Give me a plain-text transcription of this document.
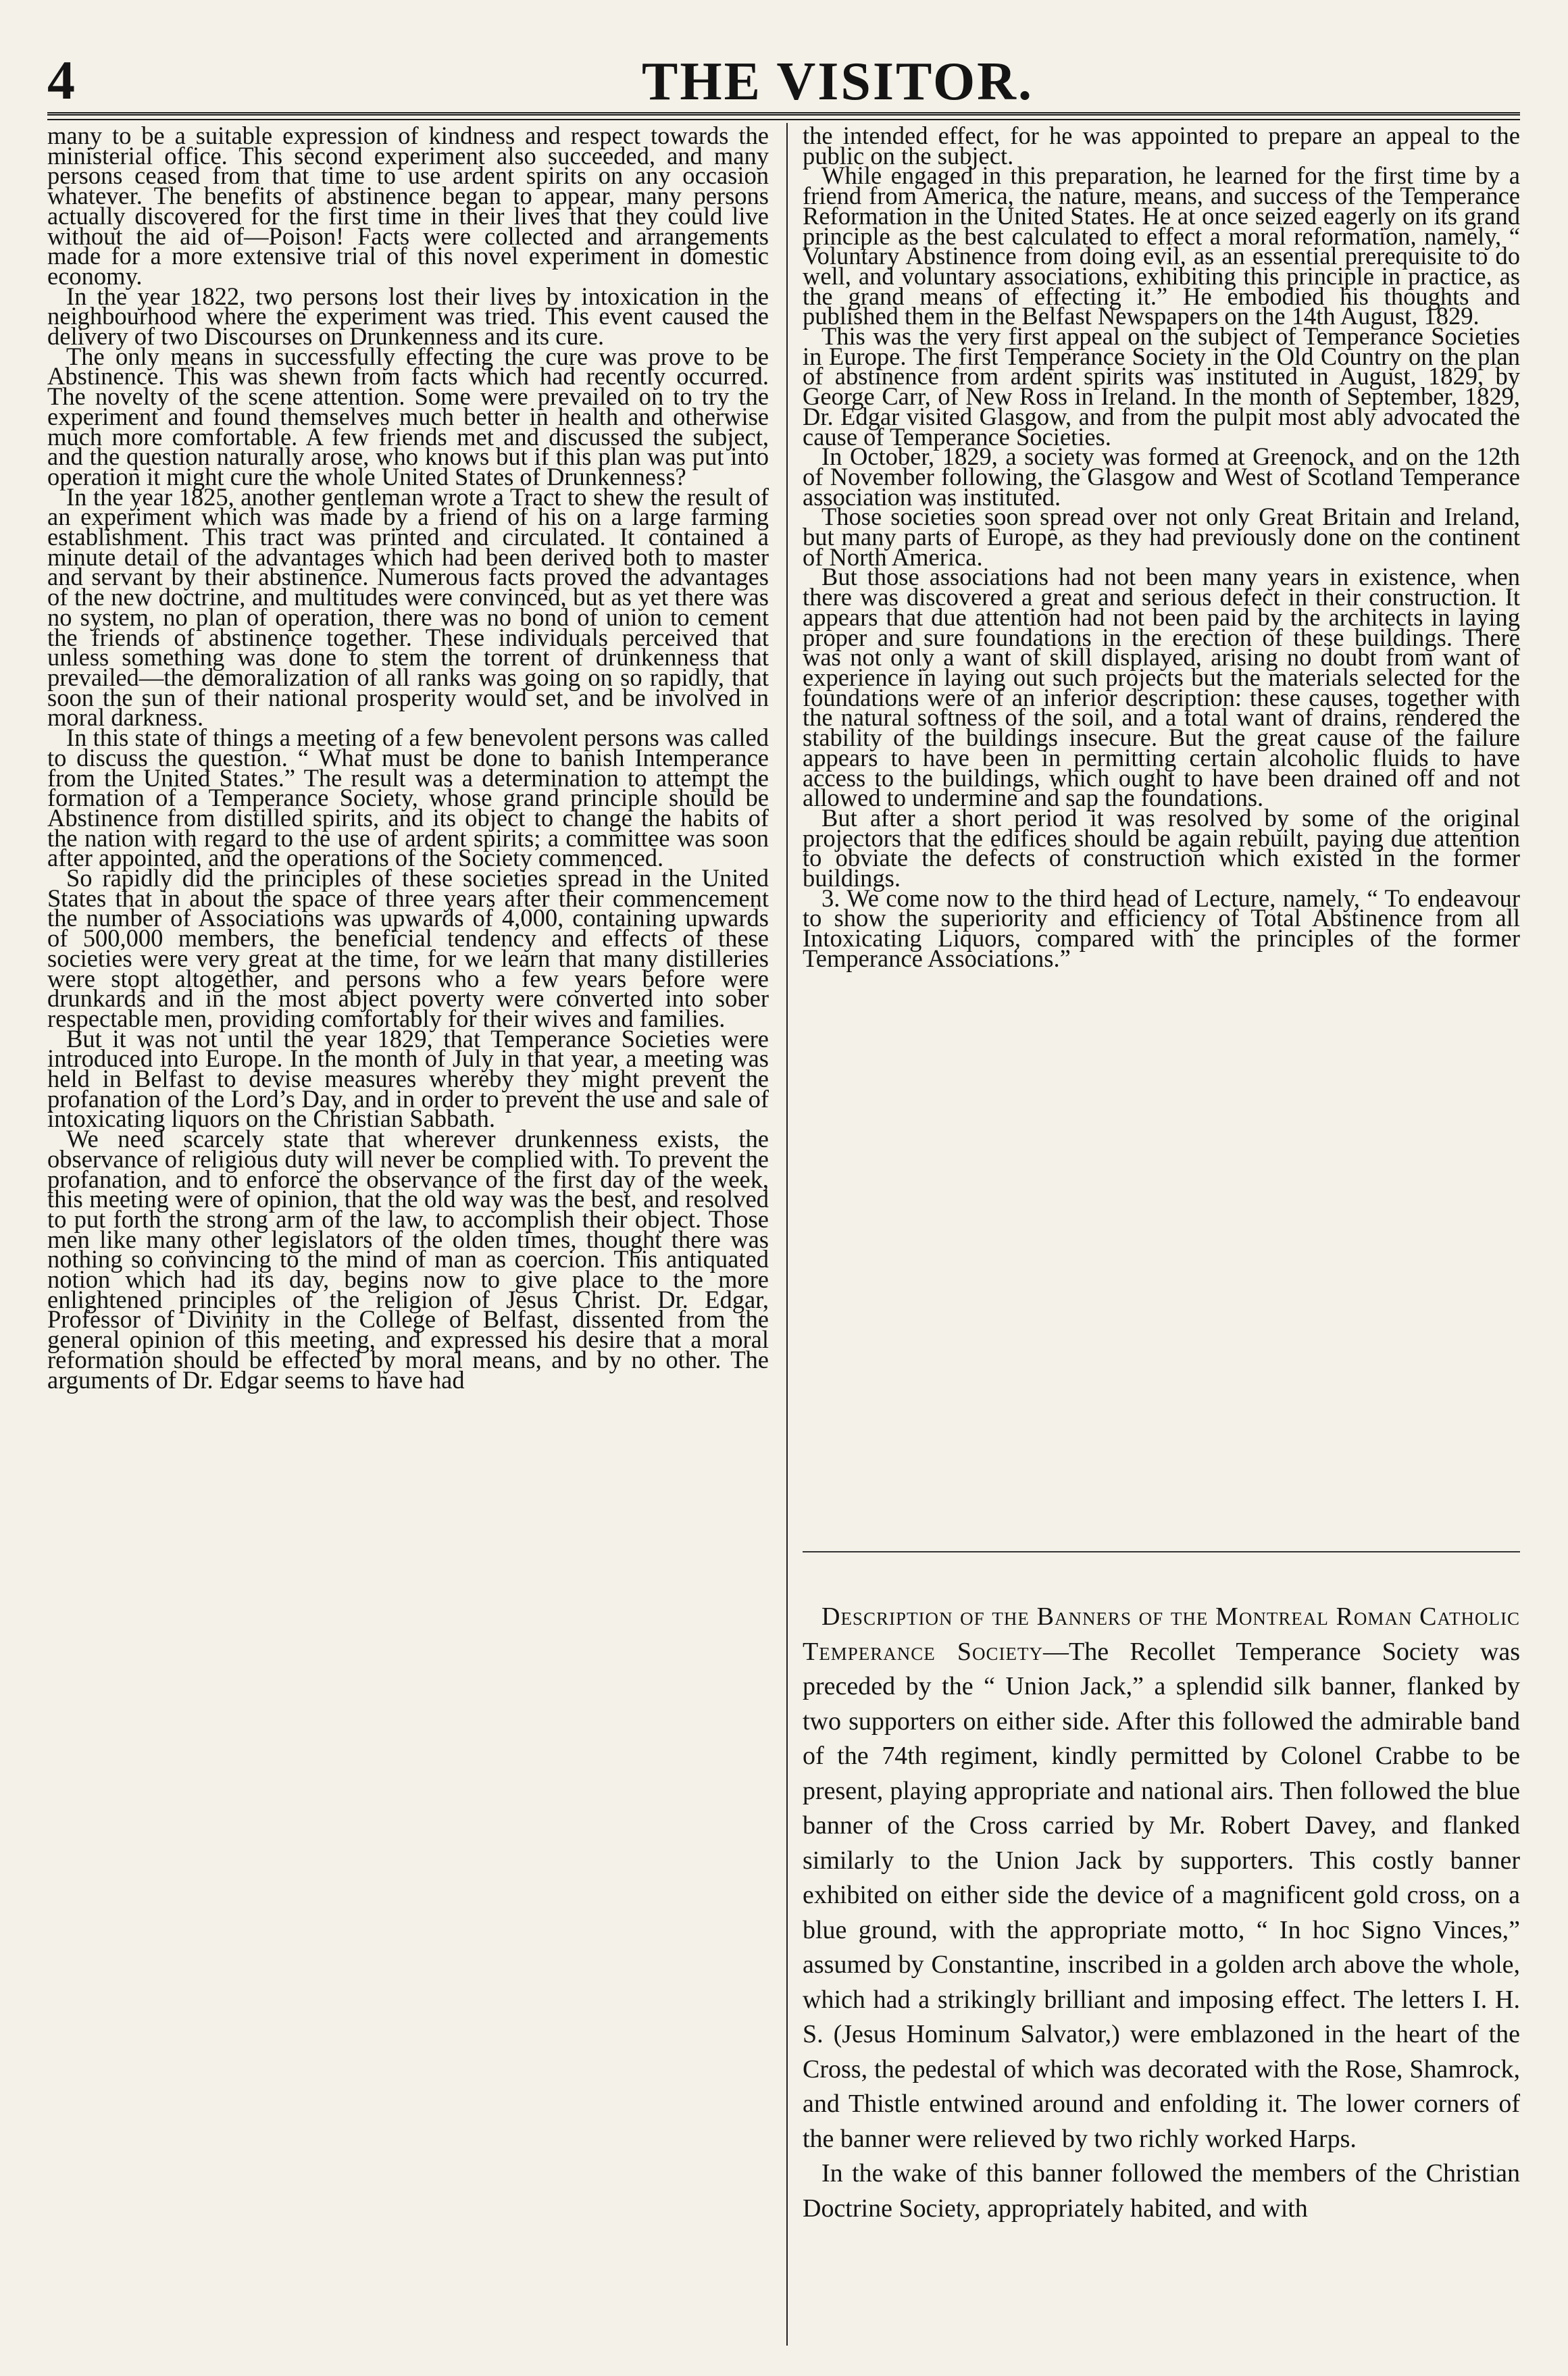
4	THE VISITOR.

many to be a suitable expression of kindness and respect towards the ministerial office. This second experiment also succeeded, and many persons ceased from that time to use ardent spirits on any occasion whatever. The benefits of abstinence began to appear, many persons actually discovered for the first time in their lives that they could live without the aid of—Poison! Facts were collected and arrangements made for a more extensive trial of this novel experiment in domestic economy.

In the year 1822, two persons lost their lives by intoxication in the neighbourhood where the experiment was tried. This event caused the delivery of two Discourses on Drunkenness and its cure.

The only means in successfully effecting the cure was prove to be Abstinence. This was shewn from facts which had recently occurred. The novelty of the scene attention. Some were prevailed on to try the experiment and found themselves much better in health and otherwise much more comfortable. A few friends met and discussed the subject, and the question naturally arose, who knows but if this plan was put into operation it might cure the whole United States of Drunkenness?

In the year 1825, another gentleman wrote a Tract to shew the result of an experiment which was made by a friend of his on a large farming establishment. This tract was printed and circulated. It contained a minute detail of the advantages which had been derived both to master and servant by their abstinence. Numerous facts proved the advantages of the new doctrine, and multitudes were convinced, but as yet there was no system, no plan of operation, there was no bond of union to cement the friends of abstinence together. These individuals perceived that unless something was done to stem the torrent of drunkenness that prevailed—the demoralization of all ranks was going on so rapidly, that soon the sun of their national prosperity would set, and be involved in moral darkness.

In this state of things a meeting of a few benevolent persons was called to discuss the question. “ What must be done to banish Intemperance from the United States.” The result was a determination to attempt the formation of a Temperance Society, whose grand principle should be Abstinence from distilled spirits, and its object to change the habits of the nation with regard to the use of ardent spirits; a committee was soon after appointed, and the operations of the Society commenced.

So rapidly did the principles of these societies spread in the United States that in about the space of three years after their commencement the number of Associations was upwards of 4,000, containing upwards of 500,000 members, the beneficial tendency and effects of these societies were very great at the time, for we learn that many distilleries were stopt altogether, and persons who a few years before were drunkards and in the most abject poverty were converted into sober respectable men, providing comfortably for their wives and families.

But it was not until the year 1829, that Temperance Societies were introduced into Europe. In the month of July in that year, a meeting was held in Belfast to devise measures whereby they might prevent the profanation of the Lord’s Day, and in order to prevent the use and sale of intoxicating liquors on the Christian Sabbath.

We need scarcely state that wherever drunkenness exists, the observance of religious duty will never be complied with. To prevent the profanation, and to enforce the observance of the first day of the week, this meeting were of opinion, that the old way was the best, and resolved to put forth the strong arm of the law, to accomplish their object. Those men like many other legislators of the olden times, thought there was nothing so convincing to the mind of man as coercion. This antiquated notion which had its day, begins now to give place to the more enlightened principles of the religion of Jesus Christ. Dr. Edgar, Professor of Divinity in the College of Belfast, dissented from the general opinion of this meeting, and expressed his desire that a moral reformation should be effected by moral means, and by no other. The arguments of Dr. Edgar seems to have had

the intended effect, for he was appointed to prepare an appeal to the public on the subject.

While engaged in this preparation, he learned for the first time by a friend from America, the nature, means, and success of the Temperance Reformation in the United States. He at once seized eagerly on its grand principle as the best calculated to effect a moral reformation, namely, “ Voluntary Abstinence from doing evil, as an essential prerequisite to do well, and voluntary associations, exhibiting this principle in practice, as the grand means of effecting it.” He embodied his thoughts and published them in the Belfast Newspapers on the 14th August, 1829.

This was the very first appeal on the subject of Temperance Societies in Europe. The first Temperance Society in the Old Country on the plan of abstinence from ardent spirits was instituted in August, 1829, by George Carr, of New Ross in Ireland. In the month of September, 1829, Dr. Edgar visited Glasgow, and from the pulpit most ably advocated the cause of Temperance Societies.

In October, 1829, a society was formed at Greenock, and on the 12th of November following, the Glasgow and West of Scotland Temperance association was instituted.

Those societies soon spread over not only Great Britain and Ireland, but many parts of Europe, as they had previously done on the continent of North America.

But those associations had not been many years in existence, when there was discovered a great and serious defect in their construction. It appears that due attention had not been paid by the architects in laying proper and sure foundations in the erection of these buildings. There was not only a want of skill displayed, arising no doubt from want of experience in laying out such projects but the materials selected for the foundations were of an inferior description: these causes, together with the natural softness of the soil, and a total want of drains, rendered the stability of the buildings insecure. But the great cause of the failure appears to have been in permitting certain alcoholic fluids to have access to the buildings, which ought to have been drained off and not allowed to undermine and sap the foundations.

But after a short period it was resolved by some of the original projectors that the edifices should be again rebuilt, paying due attention to obviate the defects of construction which existed in the former buildings.

3. We come now to the third head of Lecture, namely, “ To endeavour to show the superiority and efficiency of Total Abstinence from all Intoxicating Liquors, compared with the principles of the former Temperance Associations.”

Description of the Banners of the Montreal Roman Catholic Temperance Society—The Recollet Temperance Society was preceded by the “ Union Jack,” a splendid silk banner, flanked by two supporters on either side. After this followed the admirable band of the 74th regiment, kindly permitted by Colonel Crabbe to be present, playing appropriate and national airs. Then followed the blue banner of the Cross carried by Mr. Robert Davey, and flanked similarly to the Union Jack by supporters. This costly banner exhibited on either side the device of a magnificent gold cross, on a blue ground, with the appropriate motto, “ In hoc Signo Vinces,” assumed by Constantine, inscribed in a golden arch above the whole, which had a strikingly brilliant and imposing effect. The letters I. H. S. (Jesus Hominum Salvator,) were emblazoned in the heart of the Cross, the pedestal of which was decorated with the Rose, Shamrock, and Thistle entwined around and enfolding it. The lower corners of the banner were relieved by two richly worked Harps.

In the wake of this banner followed the members of the Christian Doctrine Society, appropriately habited, and with
